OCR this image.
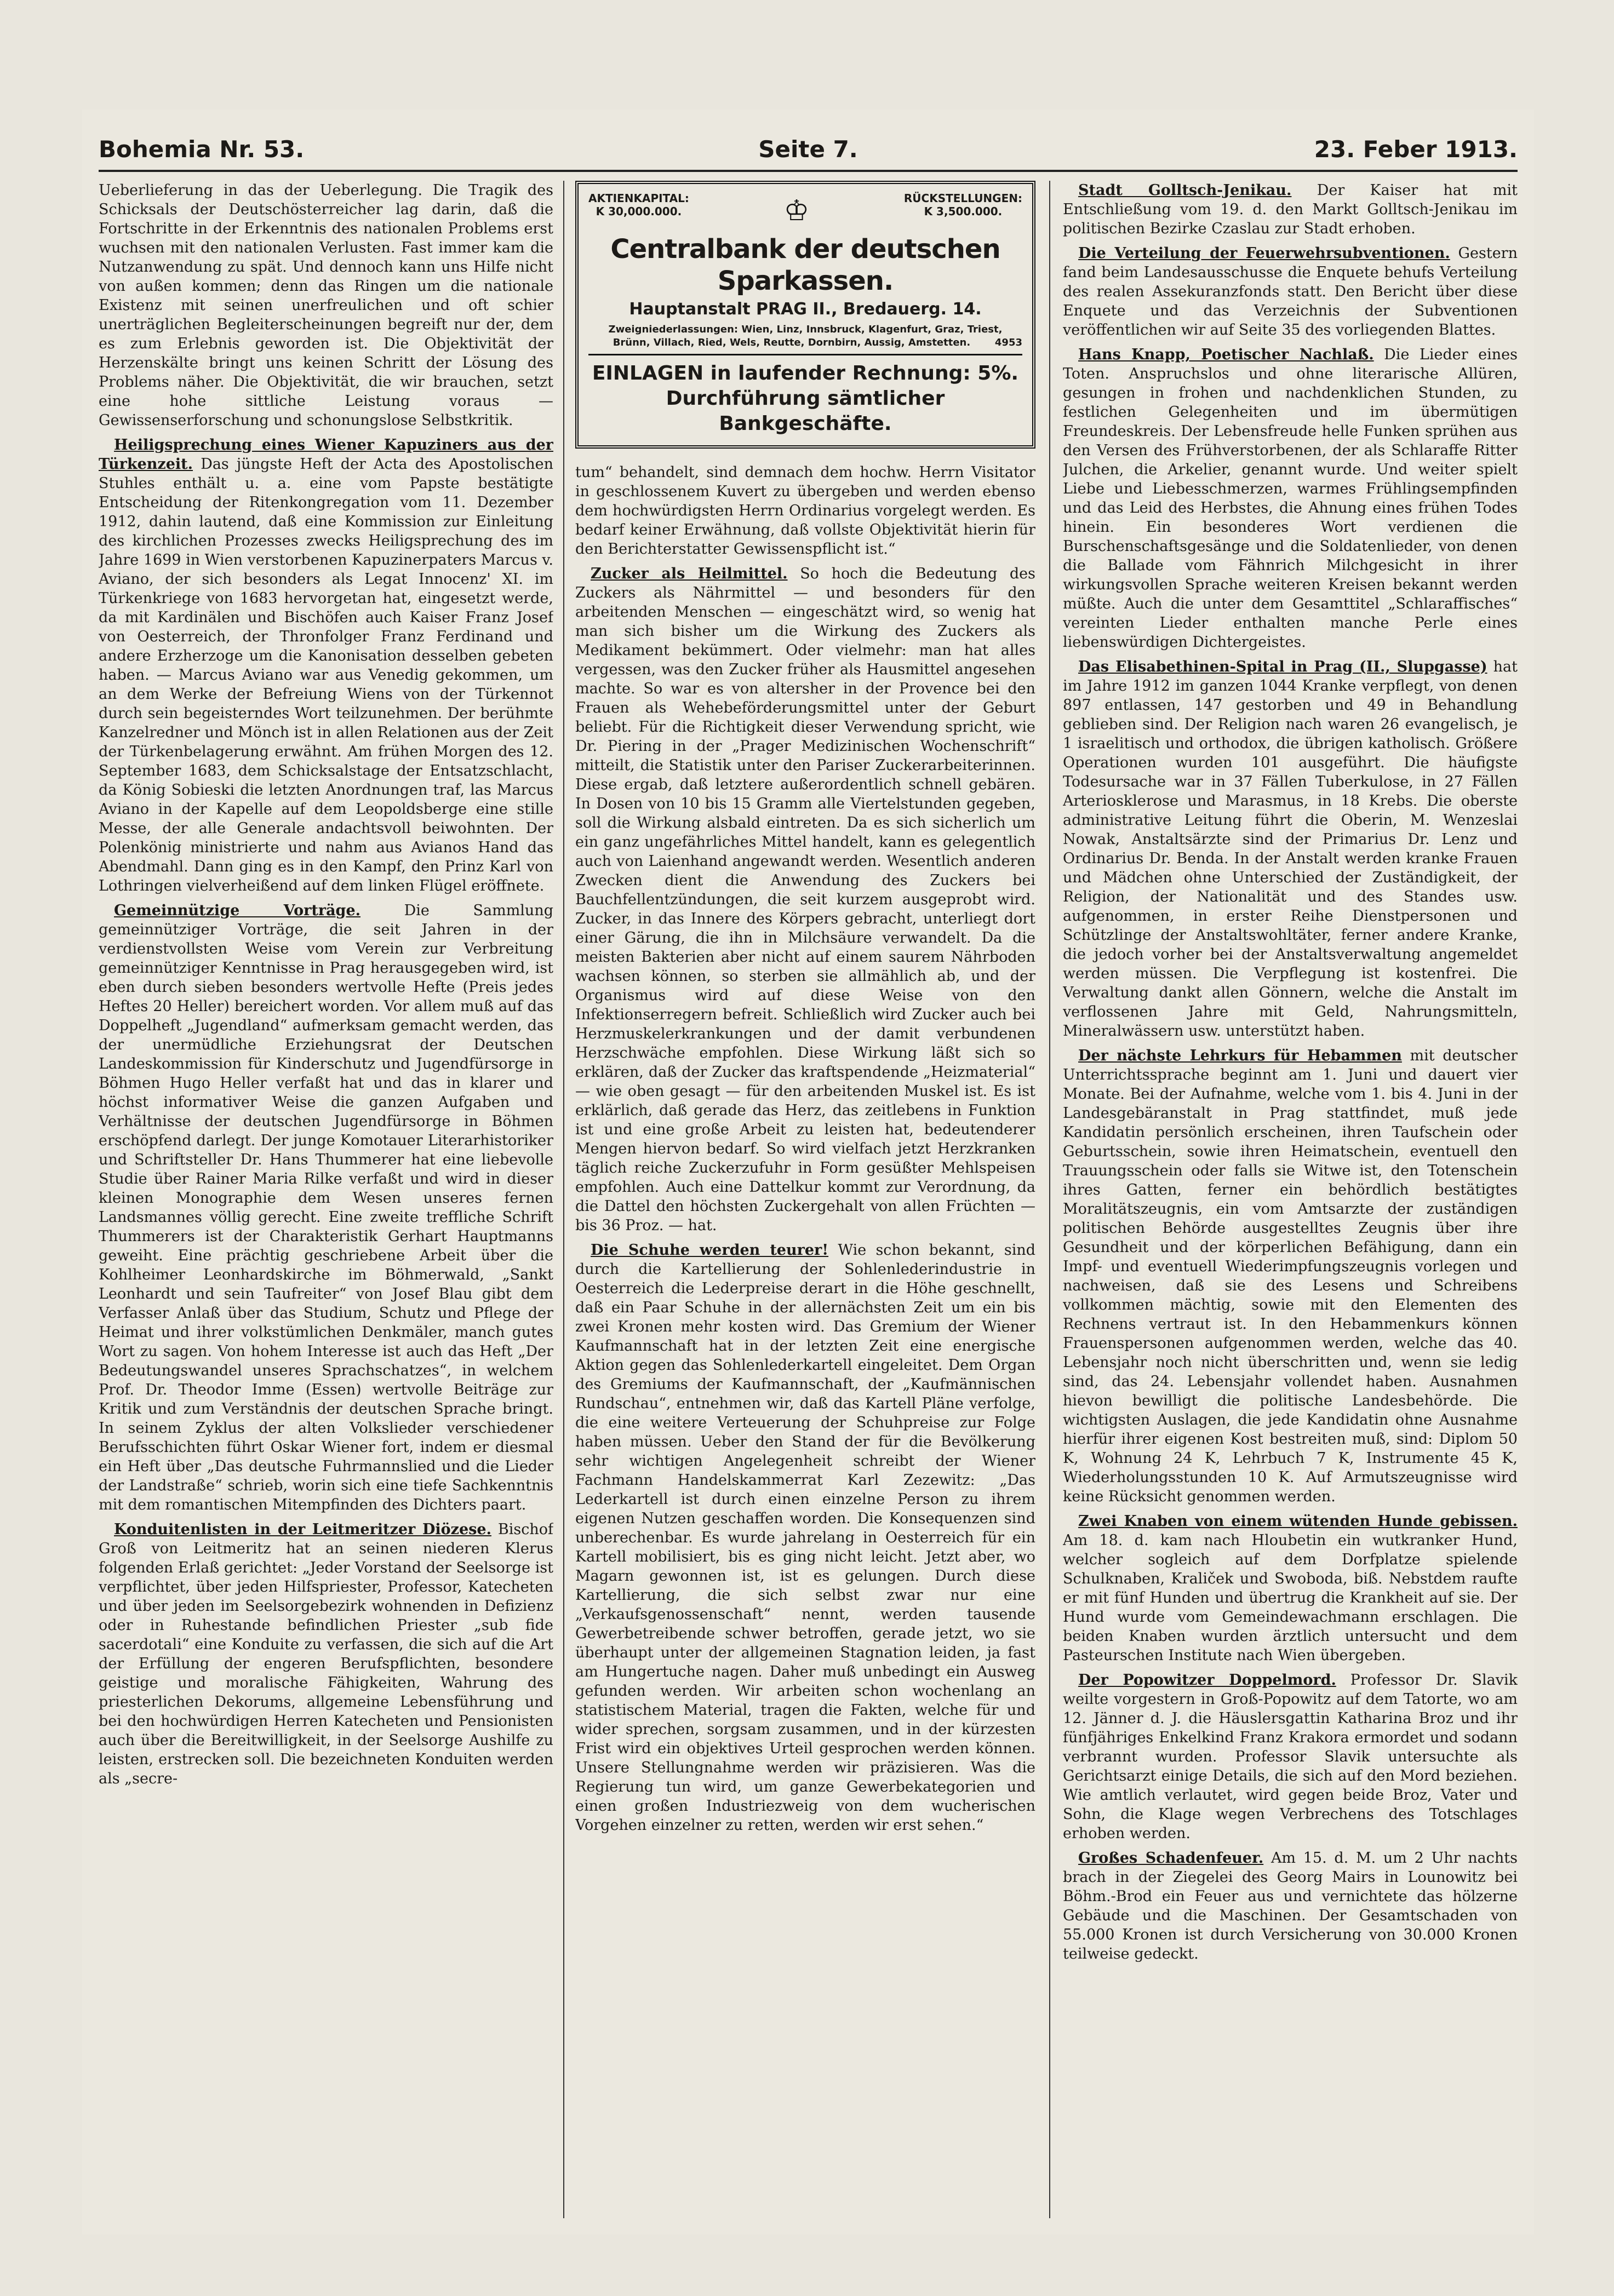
Bohemia Nr. 53.	Seite 7.	23. Feber 1913.

Ueberlieferung in das der Ueberlegung. Die Tragik des Schicksals der Deutschösterreicher lag darin, daß die Fortschritte in der Erkenntnis des nationalen Problems erst wuchsen mit den nationalen Verlusten. Fast immer kam die Nutzanwendung zu spät. Und dennoch kann uns Hilfe nicht von außen kommen; denn das Ringen um die nationale Existenz mit seinen unerfreulichen und oft schier unerträglichen Begleiterscheinungen begreift nur der, dem es zum Erlebnis geworden ist. Die Objektivität der Herzenskälte bringt uns keinen Schritt der Lösung des Problems näher. Die Objektivität, die wir brauchen, setzt eine hohe sittliche Leistung voraus — Gewissenserforschung und schonungslose Selbstkritik.

Heiligsprechung eines Wiener Kapuziners aus der Türkenzeit. Das jüngste Heft der Acta des Apostolischen Stuhles enthält u. a. eine vom Papste bestätigte Entscheidung der Ritenkongregation vom 11. Dezember 1912, dahin lautend, daß eine Kommission zur Einleitung des kirchlichen Prozesses zwecks Heiligsprechung des im Jahre 1699 in Wien verstorbenen Kapuzinerpaters Marcus v. Aviano, der sich besonders als Legat Innocenz' XI. im Türkenkriege von 1683 hervorgetan hat, eingesetzt werde, da mit Kardinälen und Bischöfen auch Kaiser Franz Josef von Oesterreich, der Thronfolger Franz Ferdinand und andere Erzherzoge um die Kanonisation desselben gebeten haben. — Marcus Aviano war aus Venedig gekommen, um an dem Werke der Befreiung Wiens von der Türkennot durch sein begeisterndes Wort teilzunehmen. Der berühmte Kanzelredner und Mönch ist in allen Relationen aus der Zeit der Türkenbelagerung erwähnt. Am frühen Morgen des 12. September 1683, dem Schicksalstage der Entsatzschlacht, da König Sobieski die letzten Anordnungen traf, las Marcus Aviano in der Kapelle auf dem Leopoldsberge eine stille Messe, der alle Generale andachtsvoll beiwohnten. Der Polenkönig ministrierte und nahm aus Avianos Hand das Abendmahl. Dann ging es in den Kampf, den Prinz Karl von Lothringen vielverheißend auf dem linken Flügel eröffnete.

Gemeinnützige Vorträge.	Die Sammlung gemeinnütziger Vorträge, die seit Jahren in der verdienstvollsten Weise vom Verein zur Verbreitung gemeinnütziger Kenntnisse in Prag herausgegeben wird, ist eben durch sieben besonders wertvolle Hefte (Preis jedes Heftes 20 Heller) bereichert worden. Vor allem muß auf das Doppelheft „Jugendland“ aufmerksam gemacht werden, das der unermüdliche Erziehungsrat der Deutschen Landeskommission für Kinderschutz und Jugendfürsorge in Böhmen Hugo Heller verfaßt hat und das in klarer und höchst informativer Weise die ganzen Aufgaben und Verhältnisse der deutschen Jugendfürsorge in Böhmen erschöpfend darlegt. Der junge Komotauer Literarhistoriker und Schriftsteller Dr. Hans Thummerer hat eine liebevolle Studie über Rainer Maria Rilke verfaßt und wird in dieser kleinen Monographie dem Wesen unseres fernen Landsmannes völlig gerecht. Eine zweite treffliche Schrift Thummerers ist der Charakteristik Gerhart Hauptmanns geweiht. Eine prächtig geschriebene Arbeit über die Kohlheimer Leonhardskirche im Böhmerwald, „Sankt Leonhardt und sein Taufreiter“ von Josef Blau gibt dem Verfasser Anlaß über das Studium, Schutz und Pflege der Heimat und ihrer volkstümlichen Denkmäler, manch gutes Wort zu sagen. Von hohem Interesse ist auch das Heft „Der Bedeutungswandel unseres Sprachschatzes“, in welchem Prof. Dr. Theodor Imme (Essen) wertvolle Beiträge zur Kritik und zum Verständnis der deutschen Sprache bringt. In seinem Zyklus der alten Volkslieder verschiedener Berufsschichten führt Oskar Wiener fort, indem er diesmal ein Heft über „Das deutsche Fuhrmannslied und die Lieder der Landstraße“ schrieb, worin sich eine tiefe Sachkenntnis mit dem romantischen Mitempfinden des Dichters paart.

Konduitenlisten in der Leitmeritzer Diözese. Bischof Groß von Leitmeritz hat an seinen niederen Klerus folgenden Erlaß gerichtet: „Jeder Vorstand der Seelsorge ist verpflichtet, über jeden Hilfspriester, Professor, Katecheten und über jeden im Seelsorgebezirk wohnenden in Defizienz oder in Ruhestande befindlichen Priester „sub fide sacerdotali“ eine Konduite zu verfassen, die sich auf die Art der Erfüllung der engeren Berufspflichten, besondere geistige und moralische Fähigkeiten, Wahrung des priesterlichen Dekorums, allgemeine Lebensführung und bei den hochwürdigen Herren Katecheten und Pensionisten auch über die Bereitwilligkeit, in der Seelsorge Aushilfe zu leisten, erstrecken soll. Die bezeichneten Konduiten werden als „secre-

AKTIENKAPITAL:
K 30,000.000.	♔	RÜCKSTELLUNGEN:
K 3,500.000.
Centralbank der deutschen Sparkassen.
Hauptanstalt PRAG II., Bredauerg. 14.
Zweigniederlassungen: Wien, Linz, Innsbruck, Klagenfurt, Graz, Triest, Brünn, Villach, Ried, Wels, Reutte, Dornbirn, Aussig, Amstetten. 4953
EINLAGEN in laufender Rechnung: 5%.
Durchführung sämtlicher Bankgeschäfte.

tum“ behandelt, sind demnach dem hochw. Herrn Visitator in geschlossenem Kuvert zu übergeben und werden ebenso dem hochwürdigsten Herrn Ordinarius vorgelegt werden. Es bedarf keiner Erwähnung, daß vollste Objektivität hierin für den Berichterstatter Gewissenspflicht ist.“

Zucker als Heilmittel. So hoch die Bedeutung des Zuckers als Nährmittel — und besonders für den arbeitenden Menschen — eingeschätzt wird, so wenig hat man sich bisher um die Wirkung des Zuckers als Medikament bekümmert. Oder vielmehr: man hat alles vergessen, was den Zucker früher als Hausmittel angesehen machte. So war es von altersher in der Provence bei den Frauen als Wehebeförderungsmittel unter der Geburt beliebt. Für die Richtigkeit dieser Verwendung spricht, wie Dr. Piering in der „Prager Medizinischen Wochenschrift“ mitteilt, die Statistik unter den Pariser Zuckerarbeiterinnen. Diese ergab, daß letztere außerordentlich schnell gebären. In Dosen von 10 bis 15 Gramm alle Viertelstunden gegeben, soll die Wirkung alsbald eintreten. Da es sich sicherlich um ein ganz ungefährliches Mittel handelt, kann es gelegentlich auch von Laienhand angewandt werden. Wesentlich anderen Zwecken dient die Anwendung des Zuckers bei Bauchfellentzündungen, die seit kurzem ausgeprobt wird. Zucker, in das Innere des Körpers gebracht, unterliegt dort einer Gärung, die ihn in Milchsäure verwandelt. Da die meisten Bakterien aber nicht auf einem saurem Nährboden wachsen können, so sterben sie allmählich ab, und der Organismus wird auf diese Weise von den Infektionserregern befreit. Schließlich wird Zucker auch bei Herzmuskelerkrankungen und der damit verbundenen Herzschwäche empfohlen. Diese Wirkung läßt sich so erklären, daß der Zucker das kraftspendende „Heizmaterial“ — wie oben gesagt — für den arbeitenden Muskel ist. Es ist erklärlich, daß gerade das Herz, das zeitlebens in Funktion ist und eine große Arbeit zu leisten hat, bedeutenderer Mengen hiervon bedarf. So wird vielfach jetzt Herzkranken täglich reiche Zuckerzufuhr in Form gesüßter Mehlspeisen empfohlen. Auch eine Dattelkur kommt zur Verordnung, da die Dattel den höchsten Zuckergehalt von allen Früchten — bis 36 Proz. — hat.

Die Schuhe werden teurer! Wie schon bekannt, sind durch die Kartellierung der Sohlenlederindustrie in Oesterreich die Lederpreise derart in die Höhe geschnellt, daß ein Paar Schuhe in der allernächsten Zeit um ein bis zwei Kronen mehr kosten wird. Das Gremium der Wiener Kaufmannschaft hat in der letzten Zeit eine energische Aktion gegen das Sohlenlederkartell eingeleitet. Dem Organ des Gremiums der Kaufmannschaft, der „Kaufmännischen Rundschau“, entnehmen wir, daß das Kartell Pläne verfolge, die eine weitere Verteuerung der Schuhpreise zur Folge haben müssen. Ueber den Stand der für die Bevölkerung sehr wichtigen Angelegenheit schreibt der Wiener Fachmann Handelskammerrat Karl Zezewitz: „Das Lederkartell ist durch einen einzelne Person zu ihrem eigenen Nutzen geschaffen worden. Die Konsequenzen sind unberechenbar. Es wurde jahrelang in Oesterreich für ein Kartell mobilisiert, bis es ging nicht leicht. Jetzt aber, wo Magarn gewonnen ist, ist es gelungen. Durch diese Kartellierung, die sich selbst zwar nur eine „Verkaufsgenossenschaft“ nennt, werden tausende Gewerbetreibende schwer betroffen, gerade jetzt, wo sie überhaupt unter der allgemeinen Stagnation leiden, ja fast am Hungertuche nagen. Daher muß unbedingt ein Ausweg gefunden werden. Wir arbeiten schon wochenlang an statistischem Material, tragen die Fakten, welche für und wider sprechen, sorgsam zusammen, und in der kürzesten Frist wird ein objektives Urteil gesprochen werden können. Unsere Stellungnahme werden wir präzisieren. Was die Regierung tun wird, um ganze Gewerbekategorien und einen großen Industriezweig von dem wucherischen Vorgehen einzelner zu retten, werden wir erst sehen.“

Stadt Golltsch-Jenikau. Der Kaiser hat mit Entschließung vom 19. d. den Markt Golltsch-Jenikau im politischen Bezirke Czaslau zur Stadt erhoben.

Die Verteilung der Feuerwehrsubventionen. Gestern fand beim Landesausschusse die Enquete behufs Verteilung des realen Assekuranzfonds statt. Den Bericht über diese Enquete und das Verzeichnis der Subventionen veröffentlichen wir auf Seite 35 des vorliegenden Blattes.

Hans Knapp, Poetischer Nachlaß. Die Lieder eines Toten. Anspruchslos und ohne literarische Allüren, gesungen in frohen und nachdenklichen Stunden, zu festlichen Gelegenheiten und im übermütigen Freundeskreis. Der Lebensfreude helle Funken sprühen aus den Versen des Frühverstorbenen, der als Schlaraffe Ritter Julchen, die Arkelier, genannt wurde. Und weiter spielt Liebe und Liebesschmerzen, warmes Frühlingsempfinden und das Leid des Herbstes, die Ahnung eines frühen Todes hinein. Ein besonderes Wort verdienen die Burschenschaftsgesänge und die Soldatenlieder, von denen die Ballade vom Fähnrich Milchgesicht in ihrer wirkungsvollen Sprache weiteren Kreisen bekannt werden müßte. Auch die unter dem Gesamttitel „Schlaraffisches“ vereinten Lieder enthalten manche Perle eines liebenswürdigen Dichtergeistes.

Das Elisabethinen-Spital in Prag (II., Slupgasse) hat im Jahre 1912 im ganzen 1044 Kranke verpflegt, von denen 897 entlassen, 147 gestorben und 49 in Behandlung geblieben sind. Der Religion nach waren 26 evangelisch, je 1 israelitisch und orthodox, die übrigen katholisch. Größere Operationen wurden 101 ausgeführt. Die häufigste Todesursache war in 37 Fällen Tuberkulose, in 27 Fällen Arteriosklerose und Marasmus, in 18 Krebs. Die oberste administrative Leitung führt die Oberin, M. Wenzeslai Nowak, Anstaltsärzte sind der Primarius Dr. Lenz und Ordinarius Dr. Benda. In der Anstalt werden kranke Frauen und Mädchen ohne Unterschied der Zuständigkeit, der Religion, der Nationalität und des Standes usw. aufgenommen, in erster Reihe Dienstpersonen und Schützlinge der Anstaltswohltäter, ferner andere Kranke, die jedoch vorher bei der Anstaltsverwaltung angemeldet werden müssen. Die Verpflegung ist kostenfrei. Die Verwaltung dankt allen Gönnern, welche die Anstalt im verflossenen Jahre mit Geld, Nahrungsmitteln, Mineralwässern usw. unterstützt haben.

Der nächste Lehrkurs für Hebammen mit deutscher Unterrichtssprache beginnt am 1. Juni und dauert vier Monate. Bei der Aufnahme, welche vom 1. bis 4. Juni in der Landesgebäranstalt in Prag stattfindet, muß jede Kandidatin persönlich erscheinen, ihren Taufschein oder Geburtsschein, sowie ihren Heimatschein, eventuell den Trauungsschein oder falls sie Witwe ist, den Totenschein ihres Gatten, ferner ein behördlich bestätigtes Moralitätszeugnis, ein vom Amtsarzte der zuständigen politischen Behörde ausgestelltes Zeugnis über ihre Gesundheit und der körperlichen Befähigung, dann ein Impf- und eventuell Wiederimpfungszeugnis vorlegen und nachweisen, daß sie des Lesens und Schreibens vollkommen mächtig, sowie mit den Elementen des Rechnens vertraut ist. In den Hebammenkurs können Frauenspersonen aufgenommen werden, welche das 40. Lebensjahr noch nicht überschritten und, wenn sie ledig sind, das 24. Lebensjahr vollendet haben. Ausnahmen hievon bewilligt die politische Landesbehörde. Die wichtigsten Auslagen, die jede Kandidatin ohne Ausnahme hierfür ihrer eigenen Kost bestreiten muß, sind: Diplom 50 K, Wohnung 24 K, Lehrbuch 7 K, Instrumente 45 K, Wiederholungsstunden 10 K. Auf Armutszeugnisse wird keine Rücksicht genommen werden.

Zwei Knaben von einem wütenden Hunde gebissen. Am 18. d. kam nach Hloubetin ein wutkranker Hund, welcher sogleich auf dem Dorfplatze spielende Schulknaben, Kraliček und Swoboda, biß. Nebstdem raufte er mit fünf Hunden und übertrug die Krankheit auf sie. Der Hund wurde vom Gemeindewachmann erschlagen. Die beiden Knaben wurden ärztlich untersucht und dem Pasteurschen Institute nach Wien übergeben.

Der Popowitzer Doppelmord. Professor Dr. Slavik weilte vorgestern in Groß-Popowitz auf dem Tatorte, wo am 12. Jänner d. J. die Häuslersgattin Katharina Broz und ihr fünfjähriges Enkelkind Franz Krakora ermordet und sodann verbrannt wurden. Professor Slavik untersuchte als Gerichtsarzt einige Details, die sich auf den Mord beziehen. Wie amtlich verlautet, wird gegen beide Broz, Vater und Sohn, die Klage wegen Verbrechens des Totschlages erhoben werden.

Großes Schadenfeuer. Am 15. d. M. um 2 Uhr nachts brach in der Ziegelei des Georg Mairs in Lounowitz bei Böhm.-Brod ein Feuer aus und vernichtete das hölzerne Gebäude und die Maschinen. Der Gesamtschaden von 55.000 Kronen ist durch Versicherung von 30.000 Kronen teilweise gedeckt.
